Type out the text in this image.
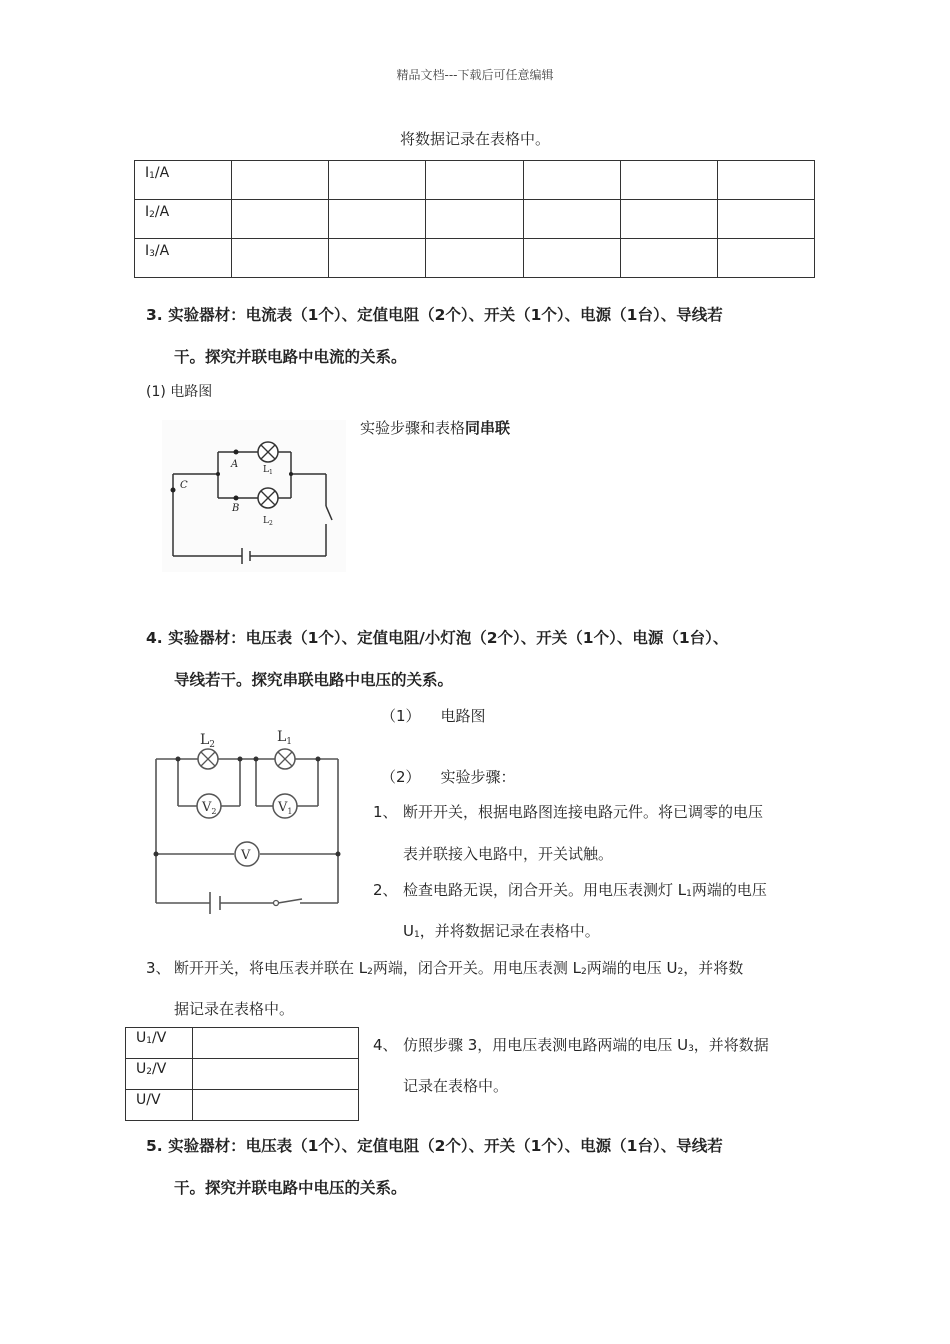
精品文档---下载后可任意编辑
将数据记录在表格中。
$I_1/A$						
$I_2/A$						
$I_3/A$						
3. 实验器材：电流表（1个）、定值电阻（2个）、开关（1个）、电源（1台）、导线若
干。探究并联电路中电流的关系。
(1) 电路图
实验步骤和表格同串联
A
B
C
$L_1$
$L_2$
4. 实验器材：电压表（1个）、定值电阻/小灯泡（2个）、开关（1个）、电源（1台）、
导线若干。探究串联电路中电压的关系。
（1） 电路图
（2） 实验步骤：
1、 断开开关，根据电路图连接电路元件。将已调零的电压
表并联接入电路中，开关试触。
2、 检查电路无误，闭合开关。用电压表测灯 $L_1$两端的电压
$U_1$，并将数据记录在表格中。
3、 断开开关，将电压表并联在 $L_2$两端，闭合开关。用电压表测 $L_2$两端的电压 $U_2$，并将数
据记录在表格中。
4、 仿照步骤 3，用电压表测电路两端的电压 $U_3$，并将数据
记录在表格中。
$V_2$	$V_1$
V
$L_2$	$L_1$
$U_1/V$	
$U_2/V$	
U/V	
5. 实验器材：电压表（1个）、定值电阻（2个）、开关（1个）、电源（1台）、导线若
干。探究并联电路中电压的关系。
